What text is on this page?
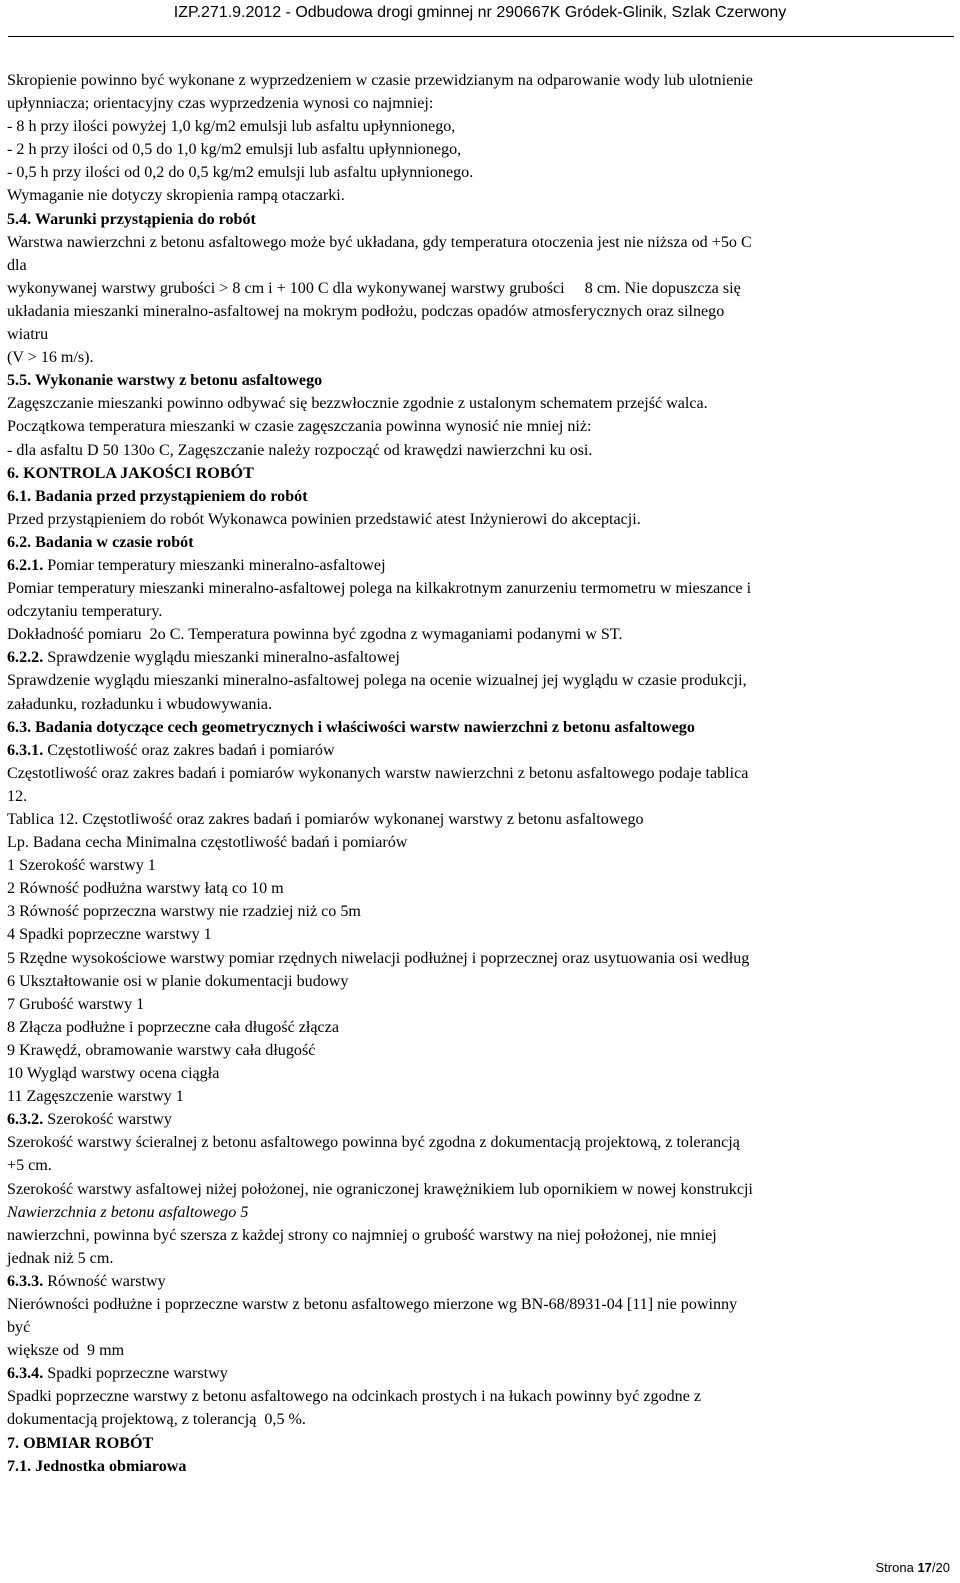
IZP.271.9.2012 - Odbudowa drogi gminnej nr 290667K Gródek-Glinik, Szlak Czerwony
Skropienie powinno być wykonane z wyprzedzeniem w czasie przewidzianym na odparowanie wody lub ulotnienie
upłynniacza; orientacyjny czas wyprzedzenia wynosi co najmniej:
- 8 h przy ilości powyżej 1,0 kg/m2 emulsji lub asfaltu upłynnionego,
- 2 h przy ilości od 0,5 do 1,0 kg/m2 emulsji lub asfaltu upłynnionego,
- 0,5 h przy ilości od 0,2 do 0,5 kg/m2 emulsji lub asfaltu upłynnionego.
Wymaganie nie dotyczy skropienia rampą otaczarki.
5.4. Warunki przystąpienia do robót
Warstwa nawierzchni z betonu asfaltowego może być układana, gdy temperatura otoczenia jest nie niższa od +5o C
dla
wykonywanej warstwy grubości > 8 cm i + 100 C dla wykonywanej warstwy grubości     8 cm. Nie dopuszcza się
układania mieszanki mineralno-asfaltowej na mokrym podłożu, podczas opadów atmosferycznych oraz silnego
wiatru
(V > 16 m/s).
5.5. Wykonanie warstwy z betonu asfaltowego
Zagęszczanie mieszanki powinno odbywać się bezzwłocznie zgodnie z ustalonym schematem przejść walca.
Początkowa temperatura mieszanki w czasie zagęszczania powinna wynosić nie mniej niż:
- dla asfaltu D 50 130o C, Zagęszczanie należy rozpocząć od krawędzi nawierzchni ku osi.
6. KONTROLA JAKOŚCI ROBÓT
6.1. Badania przed przystąpieniem do robót
Przed przystąpieniem do robót Wykonawca powinien przedstawić atest Inżynierowi do akceptacji.
6.2. Badania w czasie robót
6.2.1. Pomiar temperatury mieszanki mineralno-asfaltowej
Pomiar temperatury mieszanki mineralno-asfaltowej polega na kilkakrotnym zanurzeniu termometru w mieszance i
odczytaniu temperatury.
Dokładność pomiaru  2o C. Temperatura powinna być zgodna z wymaganiami podanymi w ST.
6.2.2. Sprawdzenie wyglądu mieszanki mineralno-asfaltowej
Sprawdzenie wyglądu mieszanki mineralno-asfaltowej polega na ocenie wizualnej jej wyglądu w czasie produkcji,
załadunku, rozładunku i wbudowywania.
6.3. Badania dotyczące cech geometrycznych i właściwości warstw nawierzchni z betonu asfaltowego
6.3.1. Częstotliwość oraz zakres badań i pomiarów
Częstotliwość oraz zakres badań i pomiarów wykonanych warstw nawierzchni z betonu asfaltowego podaje tablica
12.
Tablica 12. Częstotliwość oraz zakres badań i pomiarów wykonanej warstwy z betonu asfaltowego
Lp. Badana cecha Minimalna częstotliwość badań i pomiarów
1 Szerokość warstwy 1
2 Równość podłużna warstwy łatą co 10 m
3 Równość poprzeczna warstwy nie rzadziej niż co 5m
4 Spadki poprzeczne warstwy 1
5 Rzędne wysokościowe warstwy pomiar rzędnych niwelacji podłużnej i poprzecznej oraz usytuowania osi według
6 Ukształtowanie osi w planie dokumentacji budowy
7 Grubość warstwy 1
8 Złącza podłużne i poprzeczne cała długość złącza
9 Krawędź, obramowanie warstwy cała długość
10 Wygląd warstwy ocena ciągła
11 Zagęszczenie warstwy 1
6.3.2. Szerokość warstwy
Szerokość warstwy ścieralnej z betonu asfaltowego powinna być zgodna z dokumentacją projektową, z tolerancją
+5 cm.
Szerokość warstwy asfaltowej niżej położonej, nie ograniczonej krawężnikiem lub opornikiem w nowej konstrukcji
Nawierzchnia z betonu asfaltowego 5
nawierzchni, powinna być szersza z każdej strony co najmniej o grubość warstwy na niej położonej, nie mniej
jednak niż 5 cm.
6.3.3. Równość warstwy
Nierówności podłużne i poprzeczne warstw z betonu asfaltowego mierzone wg BN-68/8931-04 [11] nie powinny
być
większe od  9 mm
6.3.4. Spadki poprzeczne warstwy
Spadki poprzeczne warstwy z betonu asfaltowego na odcinkach prostych i na łukach powinny być zgodne z
dokumentacją projektową, z tolerancją  0,5 %.
7. OBMIAR ROBÓT
7.1. Jednostka obmiarowa
Strona 17/20
